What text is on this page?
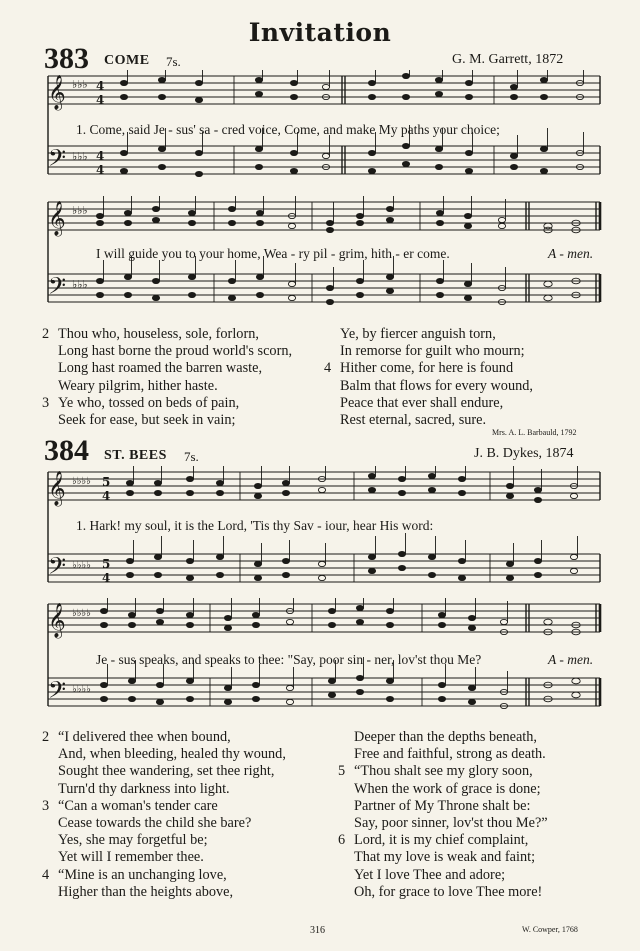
Invitation
383 COME 7s.	G. M. Garrett, 1872
𝄞
𝄢
♭♭♭
♭♭♭
4
4
4
4
1. Come, said Je - sus' sa - cred voice, Come, and make My paths your choice;
𝄞
𝄢
♭♭♭
♭♭♭
I will guide you to your home, Wea - ry pil - grim, hith - er come.	A - men.
2 Thou who, houseless, sole, forlorn,
Long hast borne the proud world's scorn,
Long hast roamed the barren waste,
Weary pilgrim, hither haste.
3 Ye who, tossed on beds of pain,
Seek for ease, but seek in vain;
Ye, by fiercer anguish torn,
In remorse for guilt who mourn;
4 Hither come, for here is found
Balm that flows for every wound,
Peace that ever shall endure,
Rest eternal, sacred, sure.
Mrs. A. L. Barbauld, 1792
384 ST. BEES 7s.	J. B. Dykes, 1874
𝄞
𝄢
♭♭♭♭
♭♭♭♭
5
4
5
4
1. Hark! my soul, it is the Lord, 'Tis thy Sav - iour, hear His word:
𝄞
𝄢
♭♭♭♭
♭♭♭♭
Je - sus speaks, and speaks to thee: "Say, poor sin - ner, lov'st thou Me?	A - men.
2 “I delivered thee when bound,
And, when bleeding, healed thy wound,
Sought thee wandering, set thee right,
Turn'd thy darkness into light.
3 “Can a woman's tender care
Cease towards the child she bare?
Yes, she may forgetful be;
Yet will I remember thee.
4 “Mine is an unchanging love,
Higher than the heights above,
Deeper than the depths beneath,
Free and faithful, strong as death.
5 “Thou shalt see my glory soon,
When the work of grace is done;
Partner of My Throne shalt be:
Say, poor sinner, lov'st thou Me?”
6 Lord, it is my chief complaint,
That my love is weak and faint;
Yet I love Thee and adore;
Oh, for grace to love Thee more!
316	W. Cowper, 1768
